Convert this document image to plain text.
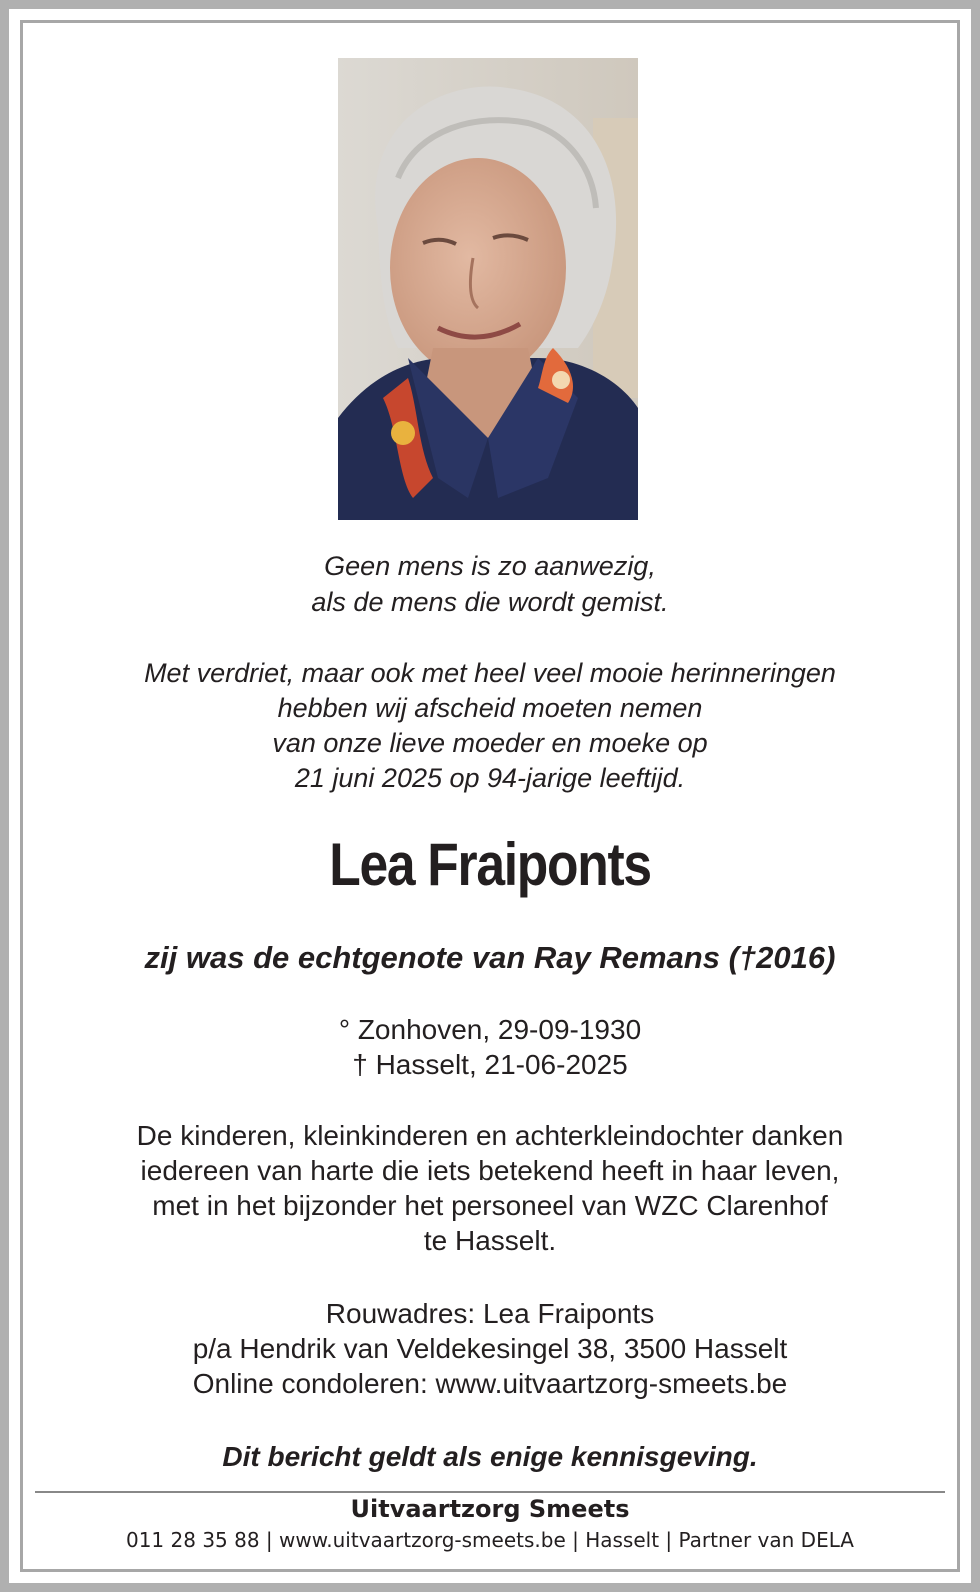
Geen mens is zo aanwezig,
als de mens die wordt gemist.
Met verdriet, maar ook met heel veel mooie herinneringen
hebben wij afscheid moeten nemen
van onze lieve moeder en moeke op
21 juni 2025 op 94-jarige leeftijd.
Lea Fraiponts
zij was de echtgenote van Ray Remans (†2016)
° Zonhoven, 29-09-1930
† Hasselt, 21-06-2025
De kinderen, kleinkinderen en achterkleindochter danken
iedereen van harte die iets betekend heeft in haar leven,
met in het bijzonder het personeel van WZC Clarenhof
te Hasselt.
Rouwadres: Lea Fraiponts
p/a Hendrik van Veldekesingel 38, 3500 Hasselt
Online condoleren: www.uitvaartzorg-smeets.be
Dit bericht geldt als enige kennisgeving.
Uitvaartzorg Smeets
011 28 35 88 | www.uitvaartzorg-smeets.be | Hasselt | Partner van DELA
